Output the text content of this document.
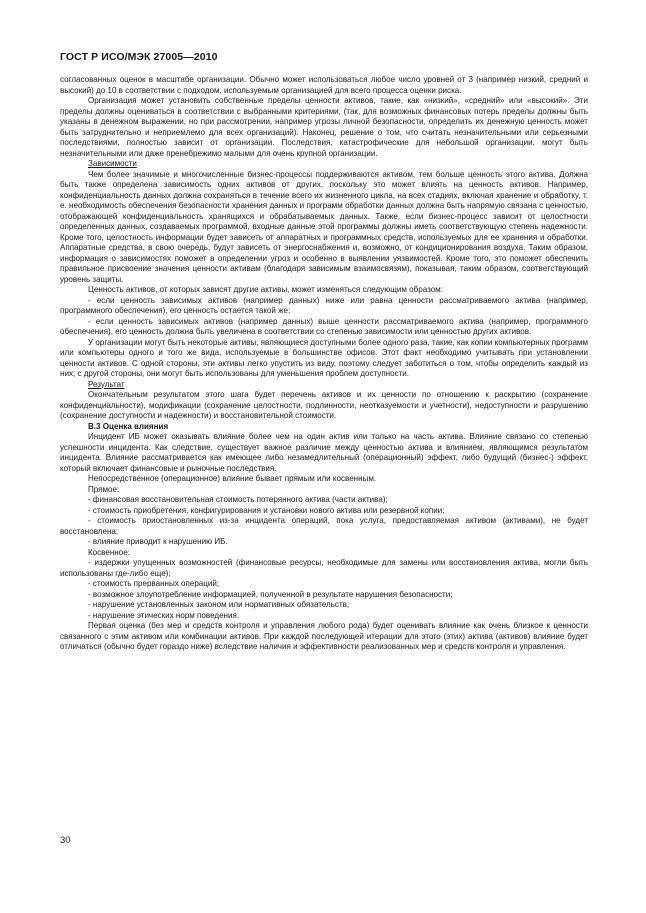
ГОСТ Р ИСО/МЭК 27005—2010

согласованных оценок в масштабе организации. Обычно может использоваться любое число уровней от 3 (например низкий, средний и высокий) до 10 в соответствии с подходом, используемым организацией для всего процесса оценки риска.

Организация может установить собственные пределы ценности активов, такие, как «низкий», «средний» или «высокий». Эти пределы должны оцениваться в соответствии с выбранными критериями, (так, для возможных финансовых потерь пределы должны быть указаны в денежном выражении, но при рассмотрении, например угрозы личной безопасности, определить их денежную ценность может быть затруднительно и неприемлемо для всех организаций). Наконец, решение о том, что считать незначительными или серьезными последствиями, полностью зависит от организации. Последствия, катастрофические для небольшой организации, могут быть незначительными или даже пренебрежимо малыми для очень крупной организации.

Зависимости

Чем более значимые и многочисленные бизнес-процессы поддерживаются активом, тем больше ценность этого актива. Должна быть также определена зависимость одних активов от других, поскольку это может влиять на ценность активов. Например, конфиденциальность данных должна сохраняться в течение всего их жизненного цикла, на всех стадиях, включая хранение и обработку, т. е. необходимость обеспечения безопасности хранения данных и программ обработки данных должна быть напрямую связана с ценностью, отображающей конфиденциальность хранящихся и обрабатываемых данных. Также, если бизнес-процесс зависит от целостности определенных данных, создаваемых программой, входные данные этой программы должны иметь соответствующую степень надежности. Кроме того, целостность информации будет зависеть от аппаратных и программных средств, используемых для ее хранения и обработки. Аппаратные средства, в свою очередь, будут зависеть от энергоснабжения и, возможно, от кондиционирования воздуха. Таким образом, информация о зависимостях поможет в определении угроз и особенно в выявлении уязвимостей. Кроме того, это поможет обеспечить правильное присвоение значения ценности активам (благодаря зависимым взаимосвязям), показывая, таким образом, соответствующий уровень защиты.

Ценность активов, от которых зависят другие активы, может изменяться следующим образом:

- если ценность зависимых активов (например данных) ниже или равна ценности рассматриваемого актива (например, программного обеспечения), его ценность остается такой же;

- если ценность зависимых активов (например данных) выше ценности рассматриваемого актива (например, программного обеспечения), его ценность должна быть увеличена в соответствии со степенью зависимости или ценностью других активов.

У организации могут быть некоторые активы, являющиеся доступными более одного раза, такие, как копии компьютерных программ или компьютеры одного и того же вида, используемые в большинстве офисов. Этот факт необходимо учитывать при установлении ценности активов. С одной стороны, эти активы легко упустить из виду, поэтому следует заботиться о том, чтобы определить каждый из них; с другой стороны, они могут быть использованы для уменьшения проблем доступности.

Результат

Окончательным результатом этого шага будет перечень активов и их ценности по отношению к раскрытию (сохранение конфиденциальности), модификации (сохранение целостности, подлинности, неотказуемости и учетности), недоступности и разрушению (сохранение доступности и надежности) и восстановительной стоимости.

В.3 Оценка влияния

Инцидент ИБ может оказывать влияние более чем на один актив или только на часть актива. Влияние связано со степенью успешности инцидента. Как следствие, существует важное различие между ценностью актива и влиянием, являющимся результатом инцидента. Влияние рассматривается как имеющее либо незамедлительный (операционный) эффект, либо будущий (бизнес-) эффект, который включает финансовые и рыночные последствия.

Непосредственное (операционное) влияние бывает прямым или косвенным.

Прямое:

- финансовая восстановительная стоимость потерянного актива (части актива);

- стоимость приобретения, конфигурирования и установки нового актива или резервной копии;

- стоимость приостановленных из-за инцидента операций, пока услуга, предоставляемая активом (активами), не будет восстановлена;

- влияние приводит к нарушению ИБ.

Косвенное:

- издержки упущенных возможностей (финансовые ресурсы, необходимые для замены или восстановления актива, могли быть использованы где-либо еще);

- стоимость прерванных операций;

- возможное злоупотребление информацией, полученной в результате нарушения безопасности;

- нарушение установленных законом или нормативных обязательств;

- нарушение этических норм поведения.

Первая оценка (без мер и средств контроля и управления любого рода) будет оценивать влияние как очень близкое к ценности связанного с этим активом или комбинации активов. При каждой последующей итерации для этого (этих) актива (активов) влияние будет отличаться (обычно будет гораздо ниже) вследствие наличия и эффективности реализованных мер и средств контроля и управления.

30
